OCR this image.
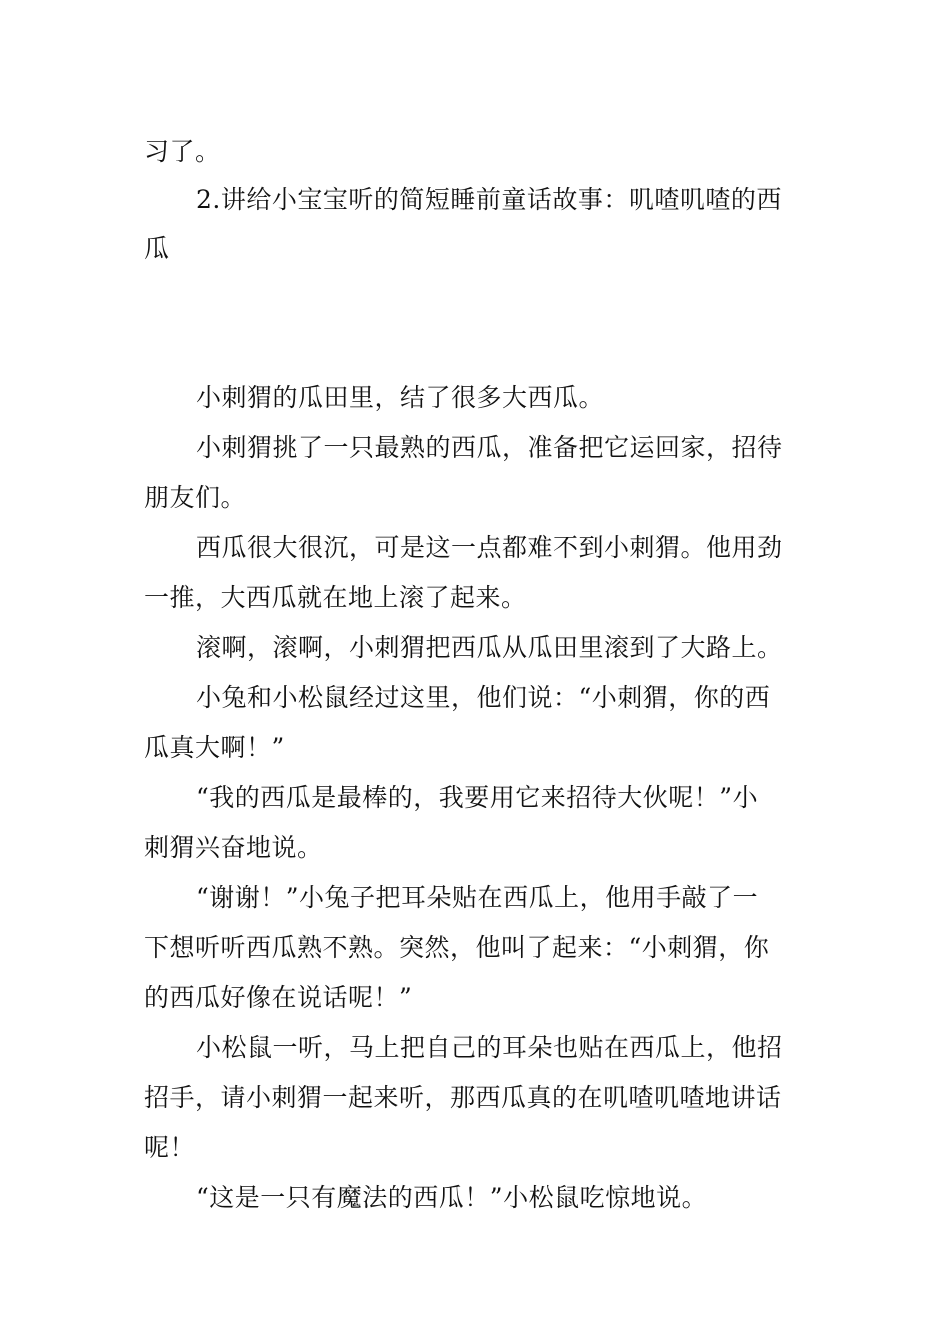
习了。
2.讲给小宝宝听的简短睡前童话故事：叽喳叽喳的西
瓜
小刺猬的瓜田里，结了很多大西瓜。
小刺猬挑了一只最熟的西瓜，准备把它运回家，招待
朋友们。
西瓜很大很沉，可是这一点都难不到小刺猬。他用劲
一推，大西瓜就在地上滚了起来。
滚啊，滚啊，小刺猬把西瓜从瓜田里滚到了大路上。
小兔和小松鼠经过这里，他们说：“小刺猬，你的西
瓜真大啊！”
“我的西瓜是最棒的，我要用它来招待大伙呢！”小
刺猬兴奋地说。
“谢谢！”小兔子把耳朵贴在西瓜上，他用手敲了一
下想听听西瓜熟不熟。突然，他叫了起来：“小刺猬，你
的西瓜好像在说话呢！”
小松鼠一听，马上把自己的耳朵也贴在西瓜上，他招
招手，请小刺猬一起来听，那西瓜真的在叽喳叽喳地讲话
呢！
“这是一只有魔法的西瓜！”小松鼠吃惊地说。
